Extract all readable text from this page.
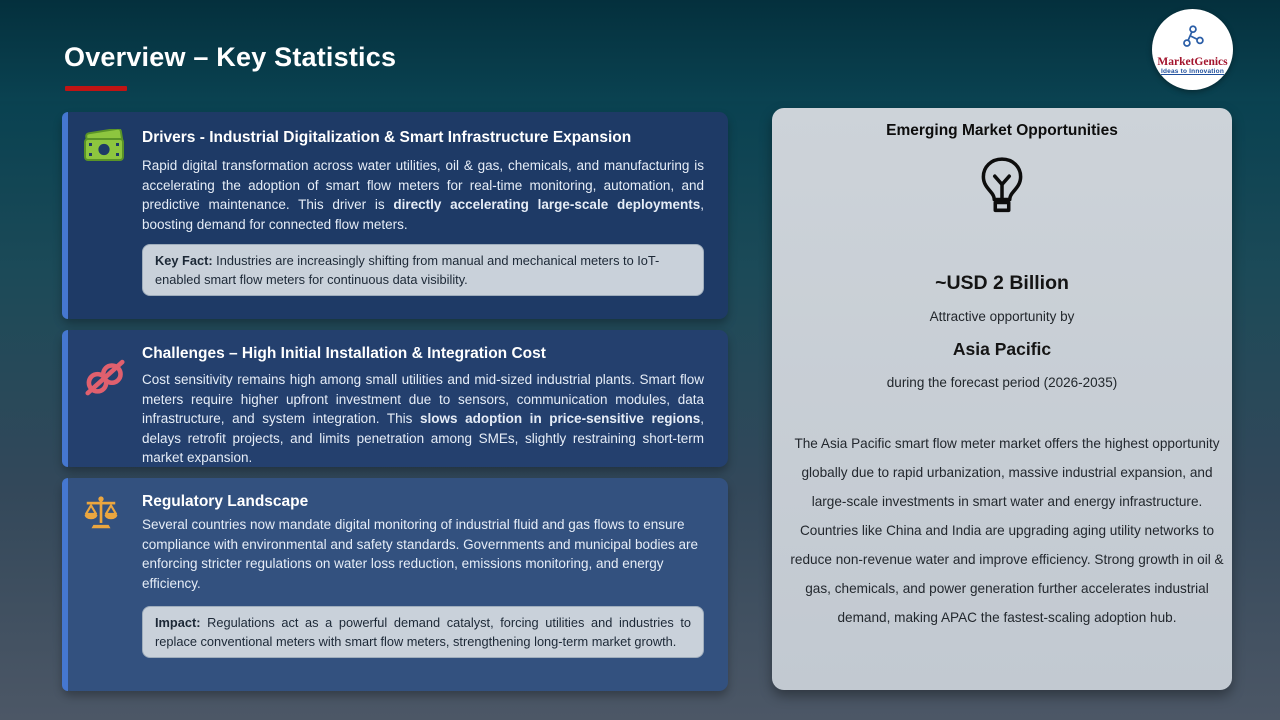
Overview – Key Statistics	MarketGenics
Ideas to Innovation
Drivers - Industrial Digitalization & Smart Infrastructure Expansion

Rapid digital transformation across water utilities, oil & gas, chemicals, and manufacturing is accelerating the adoption of smart flow meters for real-time monitoring, automation, and predictive maintenance. This driver is directly accelerating large-scale deployments, boosting demand for connected flow meters.

Key Fact: Industries are increasingly shifting from manual and mechanical meters to IoT-enabled smart flow meters for continuous data visibility.
Challenges – High Initial Installation & Integration Cost

Cost sensitivity remains high among small utilities and mid-sized industrial plants. Smart flow meters require higher upfront investment due to sensors, communication modules, data infrastructure, and system integration. This slows adoption in price-sensitive regions, delays retrofit projects, and limits penetration among SMEs, slightly restraining short-term market expansion.

Regulatory Landscape

Several countries now mandate digital monitoring of industrial fluid and gas flows to ensure compliance with environmental and safety standards. Governments and municipal bodies are enforcing stricter regulations on water loss reduction, emissions monitoring, and energy efficiency.

Impact: Regulations act as a powerful demand catalyst, forcing utilities and industries to replace conventional meters with smart flow meters, strengthening long-term market growth.
Emerging Market Opportunities
~USD 2 Billion
Attractive opportunity by
Asia Pacific
during the forecast period (2026-2035)
The Asia Pacific smart flow meter market offers the highest opportunity globally due to rapid urbanization, massive industrial expansion, and large-scale investments in smart water and energy infrastructure. Countries like China and India are upgrading aging utility networks to reduce non-revenue water and improve efficiency. Strong growth in oil & gas, chemicals, and power generation further accelerates industrial demand, making APAC the fastest-scaling adoption hub.
